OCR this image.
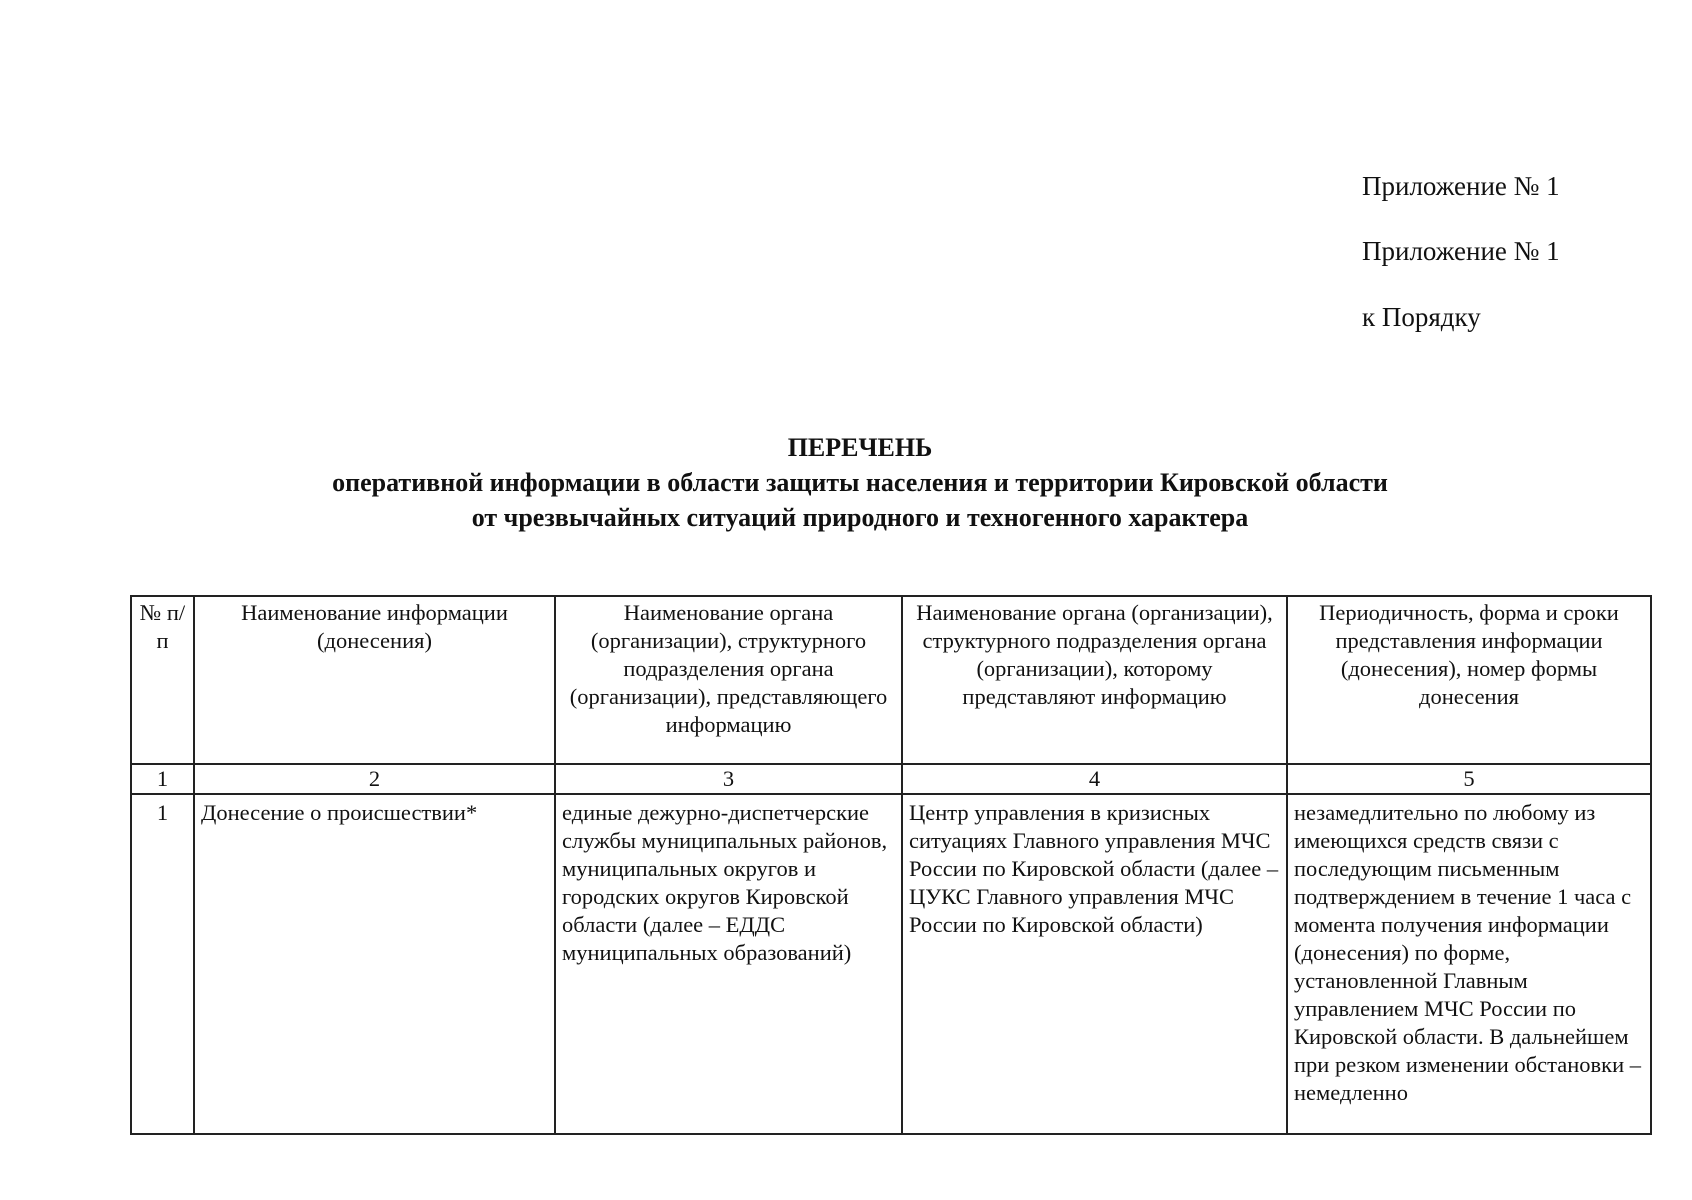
Приложение № 1
Приложение № 1
к Порядку
ПЕРЕЧЕНЬ
оперативной информации в области защиты населения и территории Кировской области
от чрезвычайных ситуаций природного и техногенного характера
№ п/п	Наименование информации (донесения)	Наименование органа (организации), структурного подразделения органа (организации), представляющего информацию	Наименование органа (организации), структурного подразделения органа (организации), которому представляют информацию	Периодичность, форма и сроки представления информации (донесения), номер формы донесения
1	2	3	4	5
1	Донесение о происшествии*	единые дежурно-диспетчерские службы муниципальных районов, муниципальных округов и городских округов Кировской области (далее – ЕДДС муниципальных образований)	Центр управления в кризисных ситуациях Главного управления МЧС России по Кировской области (далее – ЦУКС Главного управления МЧС России по Кировской области)	незамедлительно по любому из имеющихся средств связи с последующим письменным подтверждением в течение 1 часа с момента получения информации (донесения) по форме, установленной Главным управлением МЧС России по Кировской области. В дальнейшем при резком изменении обстановки – немедленно
